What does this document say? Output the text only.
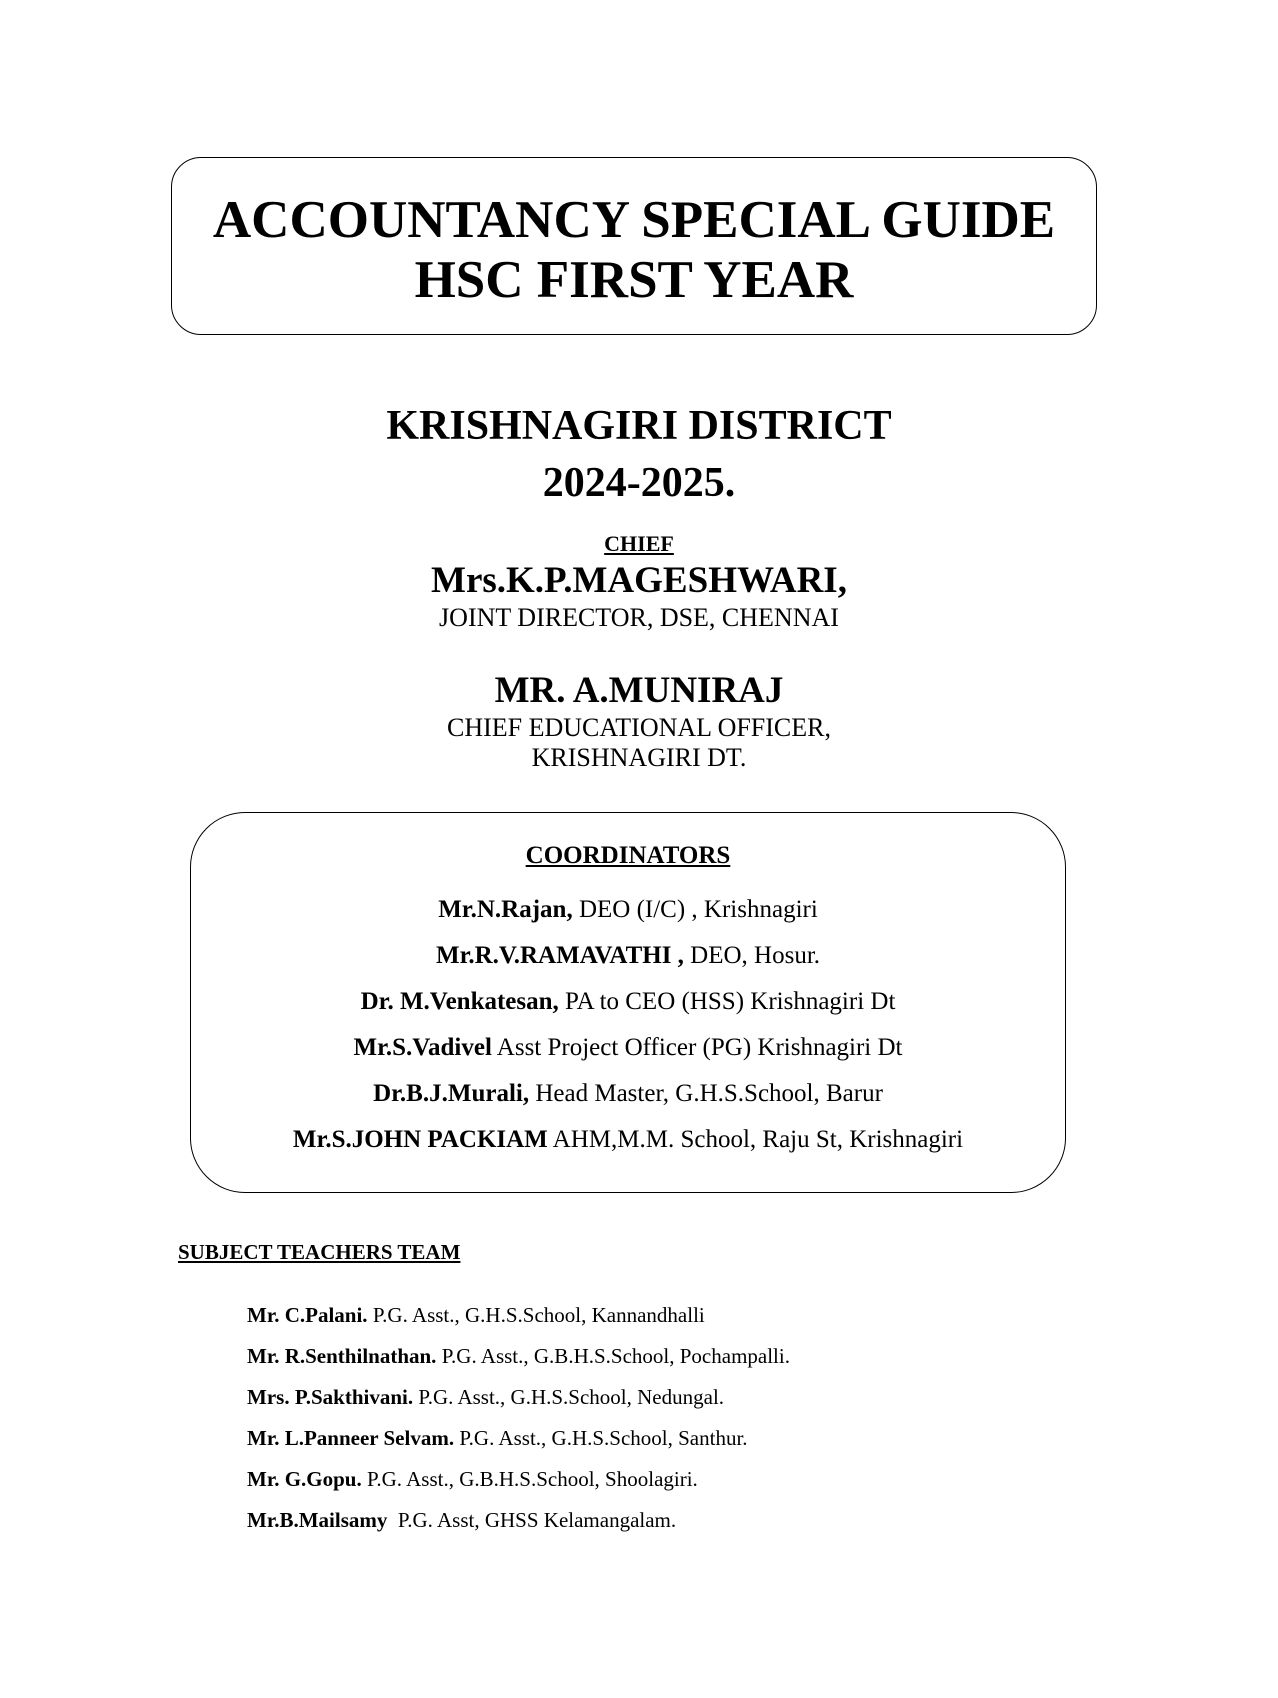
ACCOUNTANCY SPECIAL GUIDE

HSC FIRST YEAR

KRISHNAGIRI DISTRICT
2024-2025.
CHIEF
Mrs.K.P.MAGESHWARI,
JOINT DIRECTOR, DSE, CHENNAI
MR. A.MUNIRAJ
CHIEF EDUCATIONAL OFFICER,
KRISHNAGIRI DT.
COORDINATORS
Mr.N.Rajan, DEO (I/C) , Krishnagiri
Mr.R.V.RAMAVATHI , DEO, Hosur.
Dr. M.Venkatesan, PA to CEO (HSS) Krishnagiri Dt
Mr.S.Vadivel Asst Project Officer (PG) Krishnagiri Dt
Dr.B.J.Murali, Head Master, G.H.S.School, Barur
Mr.S.JOHN PACKIAM AHM,M.M. School, Raju St, Krishnagiri
SUBJECT TEACHERS TEAM
Mr. C.Palani. P.G. Asst., G.H.S.School, Kannandhalli
Mr. R.Senthilnathan. P.G. Asst., G.B.H.S.School, Pochampalli.
Mrs. P.Sakthivani. P.G. Asst., G.H.S.School, Nedungal.
Mr. L.Panneer Selvam. P.G. Asst., G.H.S.School, Santhur.
Mr. G.Gopu. P.G. Asst., G.B.H.S.School, Shoolagiri.
Mr.B.Mailsamy  P.G. Asst, GHSS Kelamangalam.
